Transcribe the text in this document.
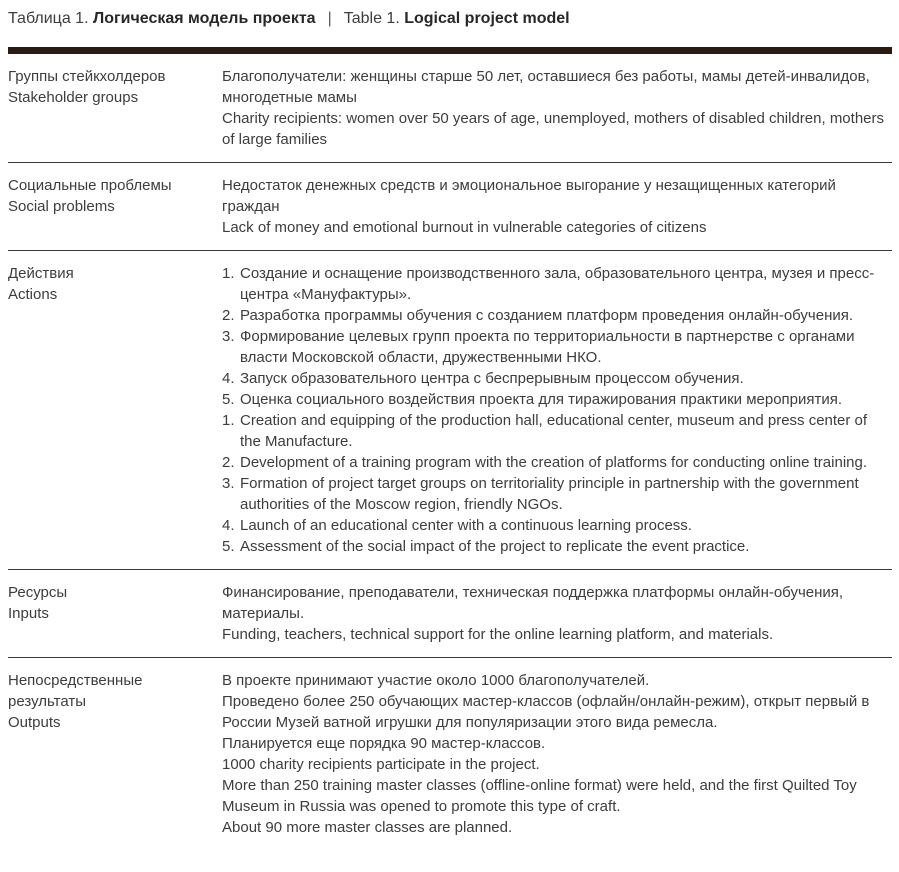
Таблица 1. Логическая модель проекта | Table 1. Logical project model

Группы стейкхолдеров
Stakeholder groups
Благополучатели: женщины старше 50 лет, оставшиеся без работы, мамы детей-инвалидов, многодетные мамы
Charity recipients: women over 50 years of age, unemployed, mothers of disabled children, mothers of large families
Социальные проблемы
Social problems
Недостаток денежных средств и эмоциональное выгорание у незащищенных категорий граждан
Lack of money and emotional burnout in vulnerable categories of citizens
Действия
Actions
1. Создание и оснащение производственного зала, образовательного центра, музея и пресс-центра «Мануфактуры».
2. Разработка программы обучения с созданием платформ проведения онлайн-обучения.
3. Формирование целевых групп проекта по территориальности в партнерстве с органами власти Московской области, дружественными НКО.
4. Запуск образовательного центра с беспрерывным процессом обучения.
5. Оценка социального воздействия проекта для тиражирования практики мероприятия.
1. Creation and equipping of the production hall, educational center, museum and press center of the Manufacture.
2. Development of a training program with the creation of platforms for conducting online training.
3. Formation of project target groups on territoriality principle in partnership with the government authorities of the Moscow region, friendly NGOs.
4. Launch of an educational center with a continuous learning process.
5. Assessment of the social impact of the project to replicate the event practice.
Ресурсы
Inputs
Финансирование, преподаватели, техническая поддержка платформы онлайн-обучения, материалы.
Funding, teachers, technical support for the online learning platform, and materials.
Непосредственные результаты
Outputs
В проекте принимают участие около 1000 благополучателей.
Проведено более 250 обучающих мастер-классов (офлайн/онлайн-режим), открыт первый в России Музей ватной игрушки для популяризации этого вида ремесла.
Планируется еще порядка 90 мастер-классов.
1000 charity recipients participate in the project.
More than 250 training master classes (offline-online format) were held, and the first Quilted Toy Museum in Russia was opened to promote this type of craft.
About 90 more master classes are planned.
